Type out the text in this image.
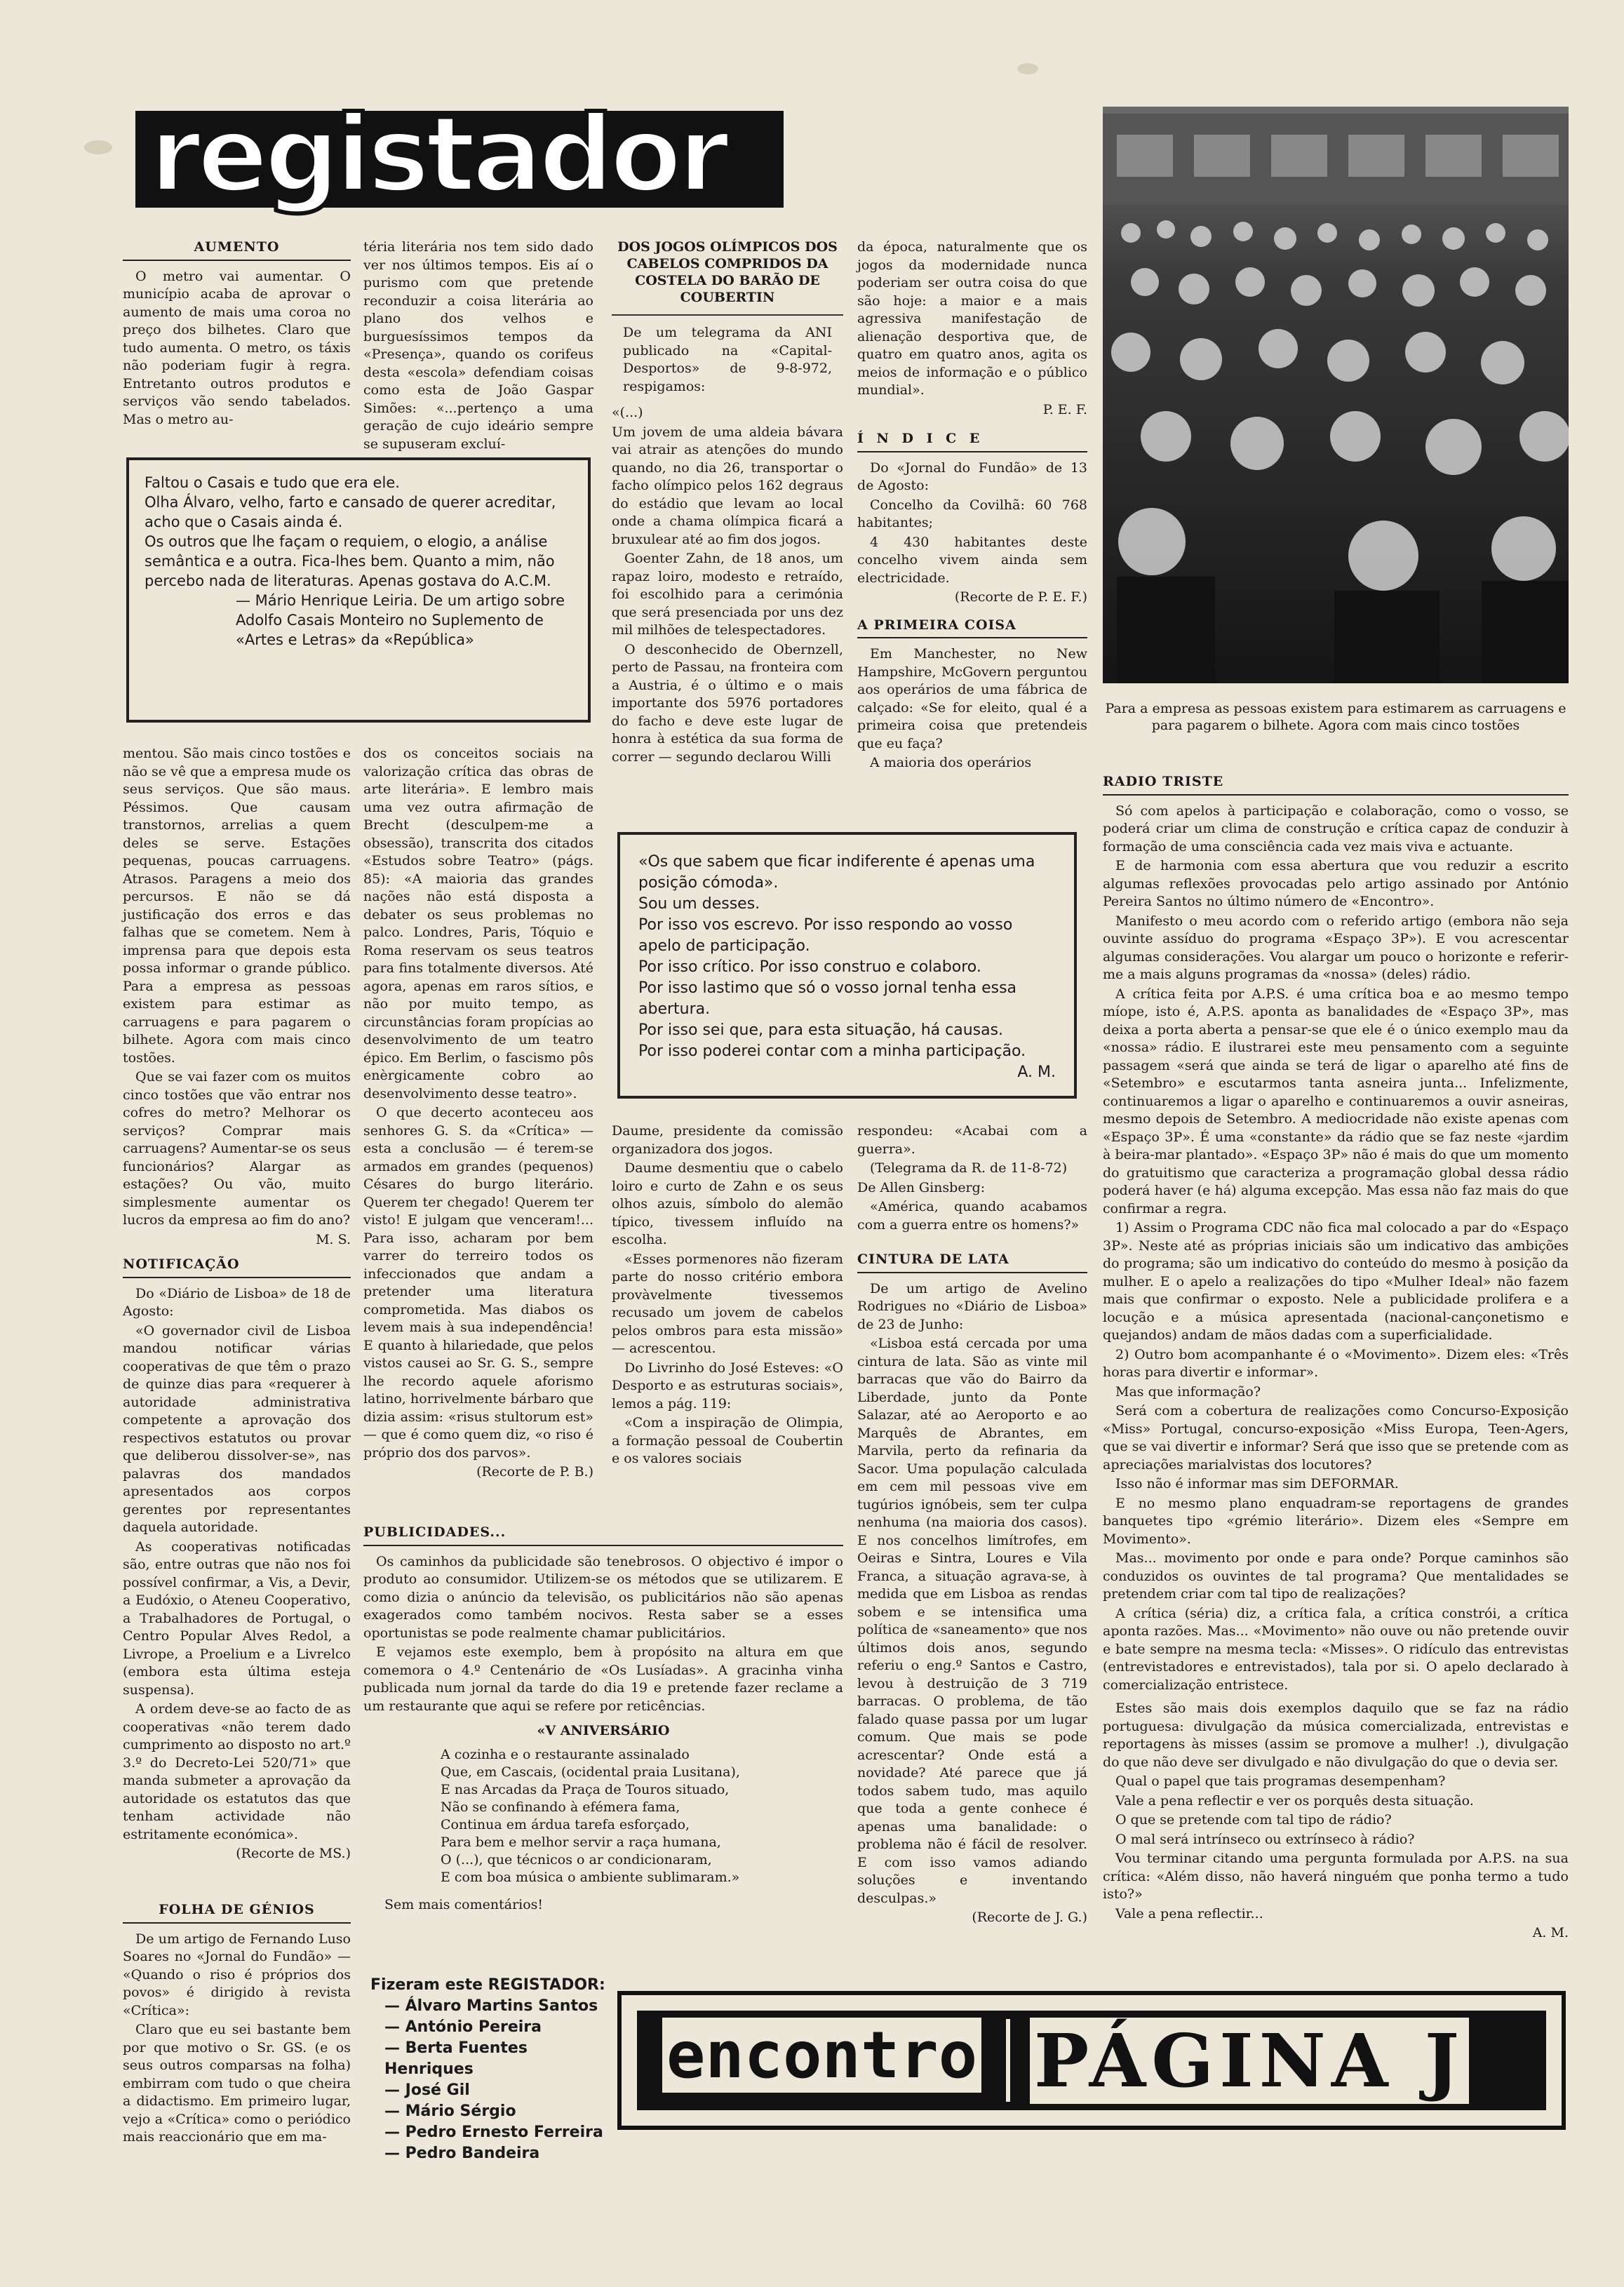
registador
AUMENTO

O metro vai aumentar. O município acaba de aprovar o aumento de mais uma coroa no preço dos bilhetes. Claro que tudo aumenta. O metro, os táxis não poderiam fugir à regra. Entretanto outros produtos e serviços vão sendo tabelados. Mas o metro au-

téria literária nos tem sido dado ver nos últimos tempos. Eis aí o purismo com que pretende reconduzir a coisa literária ao plano dos velhos e burguesíssimos tempos da «Presença», quando os corifeus desta «escola» defendiam coisas como esta de João Gaspar Simões: «...pertenço a uma geração de cujo ideário sempre se supuseram excluí-

Faltou o Casais e tudo que era ele.

Olha Álvaro, velho, farto e cansado de querer acreditar, acho que o Casais ainda é.

Os outros que lhe façam o requiem, o elogio, a análise semântica e a outra. Fica-lhes bem. Quanto a mim, não percebo nada de literaturas. Apenas gostava do A.C.M.

— Mário Henrique Leiria. De um artigo sobre Adolfo Casais Monteiro no Suplemento de «Artes e Letras» da «República»

mentou. São mais cinco tostões e não se vê que a empresa mude os seus serviços. Que são maus. Péssimos. Que causam transtornos, arrelias a quem deles se serve. Estações pequenas, poucas carruagens. Atrasos. Paragens a meio dos percursos. E não se dá justificação dos erros e das falhas que se cometem. Nem à imprensa para que depois esta possa informar o grande público. Para a empresa as pessoas existem para estimar as carruagens e para pagarem o bilhete. Agora com mais cinco tostões.

Que se vai fazer com os muitos cinco tostões que vão entrar nos cofres do metro? Melhorar os serviços? Comprar mais carruagens? Aumentar-se os seus funcionários? Alargar as estações? Ou vão, muito simplesmente aumentar os lucros da empresa ao fim do ano?

M. S.

NOTIFICAÇÃO

Do «Diário de Lisboa» de 18 de Agosto:

«O governador civil de Lisboa mandou notificar várias cooperativas de que têm o prazo de quinze dias para «requerer à autoridade administrativa competente a aprovação dos respectivos estatutos ou provar que deliberou dissolver-se», nas palavras dos mandados apresentados aos corpos gerentes por representantes daquela autoridade.

As cooperativas notificadas são, entre outras que não nos foi possível confirmar, a Vis, a Devir, a Eudóxio, o Ateneu Cooperativo, a Trabalhadores de Portugal, o Centro Popular Alves Redol, a Livrope, a Proelium e a Livrelco (embora esta última esteja suspensa).

A ordem deve-se ao facto de as cooperativas «não terem dado cumprimento ao disposto no art.º 3.º do Decreto-Lei 520/71» que manda submeter a aprovação da autoridade os estatutos das que tenham actividade não estritamente económica».

(Recorte de MS.)

FOLHA DE GÉNIOS

De um artigo de Fernando Luso Soares no «Jornal do Fundão» — «Quando o riso é próprios dos povos» é dirigido à revista «Crítica»:

Claro que eu sei bastante bem por que motivo o Sr. GS. (e os seus outros comparsas na folha) embirram com tudo o que cheira a didactismo. Em primeiro lugar, vejo a «Crítica» como o periódico mais reaccionário que em ma-

dos os conceitos sociais na valorização crítica das obras de arte literária». E lembro mais uma vez outra afirmação de Brecht (desculpem-me a obsessão), transcrita dos citados «Estudos sobre Teatro» (págs. 85): «A maioria das grandes nações não está disposta a debater os seus problemas no palco. Londres, Paris, Tóquio e Roma reservam os seus teatros para fins totalmente diversos. Até agora, apenas em raros sítios, e não por muito tempo, as circunstâncias foram propícias ao desenvolvimento de um teatro épico. Em Berlim, o fascismo pôs enèrgicamente cobro ao desenvolvimento desse teatro».

O que decerto aconteceu aos senhores G. S. da «Crítica» — esta a conclusão — é terem-se armados em grandes (pequenos) Césares do burgo literário. Querem ter chegado! Querem ter visto! E julgam que venceram!... Para isso, acharam por bem varrer do terreiro todos os infeccionados que andam a pretender uma literatura comprometida. Mas diabos os levem mais à sua independência! E quanto à hilariedade, que pelos vistos causei ao Sr. G. S., sempre lhe recordo aquele aforismo latino, horrivelmente bárbaro que dizia assim: «risus stultorum est» — que é como quem diz, «o riso é próprio dos dos parvos».

(Recorte de P. B.)

DOS JOGOS OLÍMPICOS DOS CABELOS COMPRIDOS DA COSTELA DO BARÃO DE COUBERTIN

De um telegrama da ANI publicado na «Capital-Desportos» de 9-8-972, respigamos:

«(...)

Um jovem de uma aldeia bávara vai atrair as atenções do mundo quando, no dia 26, transportar o facho olímpico pelos 162 degraus do estádio que levam ao local onde a chama olímpica ficará a bruxulear até ao fim dos jogos.

Goenter Zahn, de 18 anos, um rapaz loiro, modesto e retraído, foi escolhido para a cerimónia que será presenciada por uns dez mil milhões de telespectadores.

O desconhecido de Obernzell, perto de Passau, na fronteira com a Austria, é o último e o mais importante dos 5976 portadores do facho e deve este lugar de honra à estética da sua forma de correr — segundo declarou Willi

da época, naturalmente que os jogos da modernidade nunca poderiam ser outra coisa do que são hoje: a maior e a mais agressiva manifestação de alienação desportiva que, de quatro em quatro anos, agita os meios de informação e o público mundial».

P. E. F.

Í N D I C E

Do «Jornal do Fundão» de 13 de Agosto:

Concelho da Covilhã: 60 768 habitantes;

4 430 habitantes deste concelho vivem ainda sem electricidade.

(Recorte de P. E. F.)

A PRIMEIRA COISA

Em Manchester, no New Hampshire, McGovern perguntou aos operários de uma fábrica de calçado: «Se for eleito, qual é a primeira coisa que pretendeis que eu faça?

A maioria dos operários

«Os que sabem que ficar indiferente é apenas uma posição cómoda».

Sou um desses.

Por isso vos escrevo. Por isso respondo ao vosso apelo de participação.

Por isso crítico. Por isso construo e colaboro.

Por isso lastimo que só o vosso jornal tenha essa abertura.

Por isso sei que, para esta situação, há causas.

Por isso poderei contar com a minha participação.

A. M.

Daume, presidente da comissão organizadora dos jogos.

Daume desmentiu que o cabelo loiro e curto de Zahn e os seus olhos azuis, símbolo do alemão típico, tivessem influído na escolha.

«Esses pormenores não fizeram parte do nosso critério embora provàvelmente tivessemos recusado um jovem de cabelos pelos ombros para esta missão» — acrescentou.

Do Livrinho do José Esteves: «O Desporto e as estruturas sociais», lemos a pág. 119:

«Com a inspiração de Olimpia, a formação pessoal de Coubertin e os valores sociais

respondeu: «Acabai com a guerra».

(Telegrama da R. de 11-8-72)

De Allen Ginsberg:

«América, quando acabamos com a guerra entre os homens?»

CINTURA DE LATA

De um artigo de Avelino Rodrigues no «Diário de Lisboa» de 23 de Junho:

«Lisboa está cercada por uma cintura de lata. São as vinte mil barracas que vão do Bairro da Liberdade, junto da Ponte Salazar, até ao Aeroporto e ao Marquês de Abrantes, em Marvila, perto da refinaria da Sacor. Uma população calculada em cem mil pessoas vive em tugúrios ignóbeis, sem ter culpa nenhuma (na maioria dos casos). E nos concelhos limítrofes, em Oeiras e Sintra, Loures e Vila Franca, a situação agrava-se, à medida que em Lisboa as rendas sobem e se intensifica uma política de «saneamento» que nos últimos dois anos, segundo referiu o eng.º Santos e Castro, levou à destruição de 3 719 barracas. O problema, de tão falado quase passa por um lugar comum. Que mais se pode acrescentar? Onde está a novidade? Até parece que já todos sabem tudo, mas aquilo que toda a gente conhece é apenas uma banalidade: o problema não é fácil de resolver. E com isso vamos adiando soluções e inventando desculpas.»

(Recorte de J. G.)

PUBLICIDADES...

Os caminhos da publicidade são tenebrosos. O objectivo é impor o produto ao consumidor. Utilizem-se os métodos que se utilizarem. E como dizia o anúncio da televisão, os publicitários não são apenas exagerados como também nocivos. Resta saber se a esses oportunistas se pode realmente chamar publicitários.

E vejamos este exemplo, bem à propósito na altura em que comemora o 4.º Centenário de «Os Lusíadas». A gracinha vinha publicada num jornal da tarde do dia 19 e pretende fazer reclame a um restaurante que aqui se refere por reticências.

«V ANIVERSÁRIO

A cozinha e o restaurante assinalado

Que, em Cascais, (ocidental praia Lusitana),

E nas Arcadas da Praça de Touros situado,

Não se confinando à efémera fama,

Continua em árdua tarefa esforçado,

Para bem e melhor servir a raça humana,

O (...), que técnicos o ar condicionaram,

E com boa música o ambiente sublimaram.»

Sem mais comentários!

Fizeram este REGISTADOR:

— Álvaro Martins Santos
— António Pereira
— Berta Fuentes Henriques
— José Gil
— Mário Sérgio
— Pedro Ernesto Ferreira
— Pedro Bandeira
Para a empresa as pessoas existem para estimarem as carruagens e para pagarem o bilhete. Agora com mais cinco tostões
RADIO TRISTE

Só com apelos à participação e colaboração, como o vosso, se poderá criar um clima de construção e crítica capaz de conduzir à formação de uma consciência cada vez mais viva e actuante.

E de harmonia com essa abertura que vou reduzir a escrito algumas reflexões provocadas pelo artigo assinado por António Pereira Santos no último número de «Encontro».

Manifesto o meu acordo com o referido artigo (embora não seja ouvinte assíduo do programa «Espaço 3P»). E vou acrescentar algumas considerações. Vou alargar um pouco o horizonte e referir-me a mais alguns programas da «nossa» (deles) rádio.

A crítica feita por A.P.S. é uma crítica boa e ao mesmo tempo míope, isto é, A.P.S. aponta as banalidades de «Espaço 3P», mas deixa a porta aberta a pensar-se que ele é o único exemplo mau da «nossa» rádio. E ilustrarei este meu pensamento com a seguinte passagem «será que ainda se terá de ligar o aparelho até fins de «Setembro» e escutarmos tanta asneira junta... Infelizmente, continuaremos a ligar o aparelho e continuaremos a ouvir asneiras, mesmo depois de Setembro. A mediocridade não existe apenas com «Espaço 3P». É uma «constante» da rádio que se faz neste «jardim à beira-mar plantado». «Espaço 3P» não é mais do que um momento do gratuitismo que caracteriza a programação global dessa rádio poderá haver (e há) alguma excepção. Mas essa não faz mais do que confirmar a regra.

1) Assim o Programa CDC não fica mal colocado a par do «Espaço 3P». Neste até as próprias iniciais são um indicativo das ambições do programa; são um indicativo do conteúdo do mesmo à posição da mulher. E o apelo a realizações do tipo «Mulher Ideal» não fazem mais que confirmar o exposto. Nele a publicidade prolifera e a locução e a música apresentada (nacional-cançonetismo e quejandos) andam de mãos dadas com a superficialidade.

2) Outro bom acompanhante é o «Movimento». Dizem eles: «Três horas para divertir e informar».

Mas que informação?

Será com a cobertura de realizações como Concurso-Exposição «Miss» Portugal, concurso-exposição «Miss Europa, Teen-Agers, que se vai divertir e informar? Será que isso que se pretende com as apreciações marialvistas dos locutores?

Isso não é informar mas sim DEFORMAR.

E no mesmo plano enquadram-se reportagens de grandes banquetes tipo «grémio literário». Dizem eles «Sempre em Movimento».

Mas... movimento por onde e para onde? Porque caminhos são conduzidos os ouvintes de tal programa? Que mentalidades se pretendem criar com tal tipo de realizações?

A crítica (séria) diz, a crítica fala, a crítica constrói, a crítica aponta razões. Mas... «Movimento» não ouve ou não pretende ouvir e bate sempre na mesma tecla: «Misses». O ridículo das entrevistas (entrevistadores e entrevistados), tala por si. O apelo declarado à comercialização entristece.

Estes são mais dois exemplos daquilo que se faz na rádio portuguesa: divulgação da música comercializada, entrevistas e reportagens às misses (assim se promove a mulher! .), divulgação do que não deve ser divulgado e não divulgação do que o devia ser.

Qual o papel que tais programas desempenham?

Vale a pena reflectir e ver os porquês desta situação.

O que se pretende com tal tipo de rádio?

O mal será intrínseco ou extrínseco à rádio?

Vou terminar citando uma pergunta formulada por A.P.S. na sua crítica: «Além disso, não haverá ninguém que ponha termo a tudo isto?»

Vale a pena reflectir...

A. M.

encontro PÁGINA J
